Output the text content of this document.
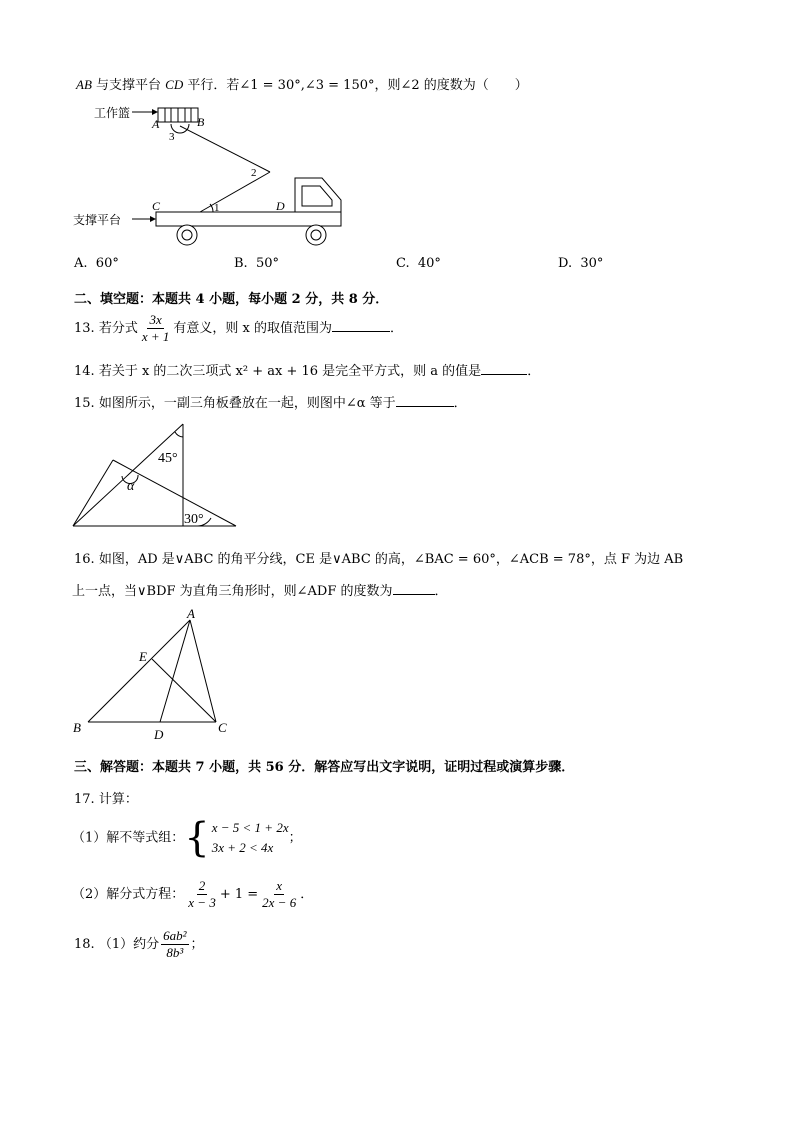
AB 与支撑平台 CD 平行．若∠1 = 30°,∠3 = 150°，则∠2 的度数为（　　）
A	B
3
2
1
C	D
工作篮
支撑平台
A. 60°	B. 50°	C. 40°	D. 30°
二、填空题：本题共 4 小题，每小题 2 分，共 8 分．
13. 若分式 $\frac{3x}{x + 1}$ 有意义，则 x 的取值范围为	．
14. 若关于 x 的二次三项式 x² + ax + 16 是完全平方式，则 a 的值是	．
15. 如图所示，一副三角板叠放在一起，则图中∠α 等于	．
45°
α
30°
16. 如图，AD 是∨ABC 的角平分线，CE 是∨ABC 的高，∠BAC = 60°，∠ACB = 78°，点 F 为边 AB
上一点，当∨BDF 为直角三角形时，则∠ADF 的度数为	．
A
B	C
D
E
三、解答题：本题共 7 小题，共 56 分．解答应写出文字说明，证明过程或演算步骤．
17. 计算：
（1）解不等式组： { x − 5 < 1 + 2x
3x + 2 < 4x
；
（2）解分式方程： $\frac{2}{x - 3} + 1 = \frac{x}{2x - 6}$ ．
18. （1）约分 $\frac{\text{6ab²}}{\text{8b³}}$ ；
